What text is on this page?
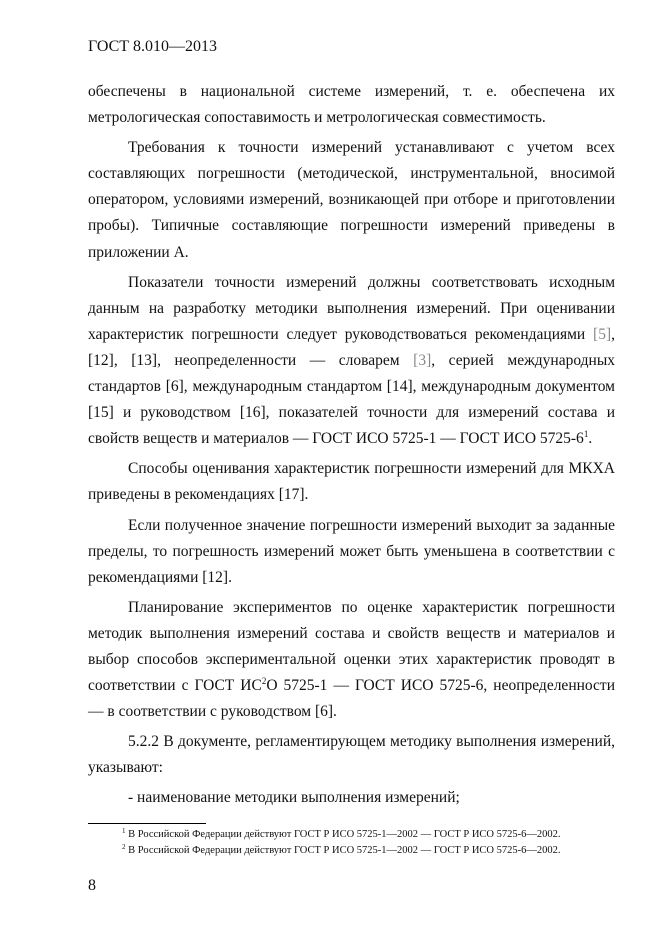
ГОСТ 8.010—2013

обеспечены в национальной системе измерений, т. е. обеспечена их метрологическая сопоставимость и метрологическая совместимость.

Требования к точности измерений устанавливают с учетом всех составляющих погрешности (методической, инструментальной, вносимой оператором, условиями измерений, возникающей при отборе и приготовлении пробы). Типичные составляющие погрешности измерений приведены в приложении А.

Показатели точности измерений должны соответствовать исходным данным на разработку методики выполнения измерений. При оценивании характеристик погрешности следует руководствоваться рекомендациями [5], [12], [13], неопределенности — словарем [3], серией международных стандартов [6], международным стандартом [14], международным документом [15] и руководством [16], показателей точности для измерений состава и свойств веществ и материалов — ГОСТ ИСО 5725-1 — ГОСТ ИСО $5725-6^1$.

Способы оценивания характеристик погрешности измерений для МКХА приведены в рекомендациях [17].

Если полученное значение погрешности измерений выходит за заданные пределы, то погрешность измерений может быть уменьшена в соответствии с рекомендациями [12].

Планирование экспериментов по оценке характеристик погрешности методик выполнения измерений состава и свойств веществ и материалов и выбор способов экспериментальной оценки этих характеристик проводят в соответствии с ГОСТ $ИС^2О$ 5725-1 — ГОСТ ИСО 5725-6, неопределенности — в соответствии с руководством [6].

5.2.2 В документе, регламентирующем методику выполнения измерений, указывают:

- наименование методики выполнения измерений;

$^1$ В Российской Федерации действуют ГОСТ Р ИСО 5725-1—2002 — ГОСТ Р ИСО 5725-6—2002.
$^2$ В Российской Федерации действуют ГОСТ Р ИСО 5725-1—2002 — ГОСТ Р ИСО 5725-6—2002.
8
